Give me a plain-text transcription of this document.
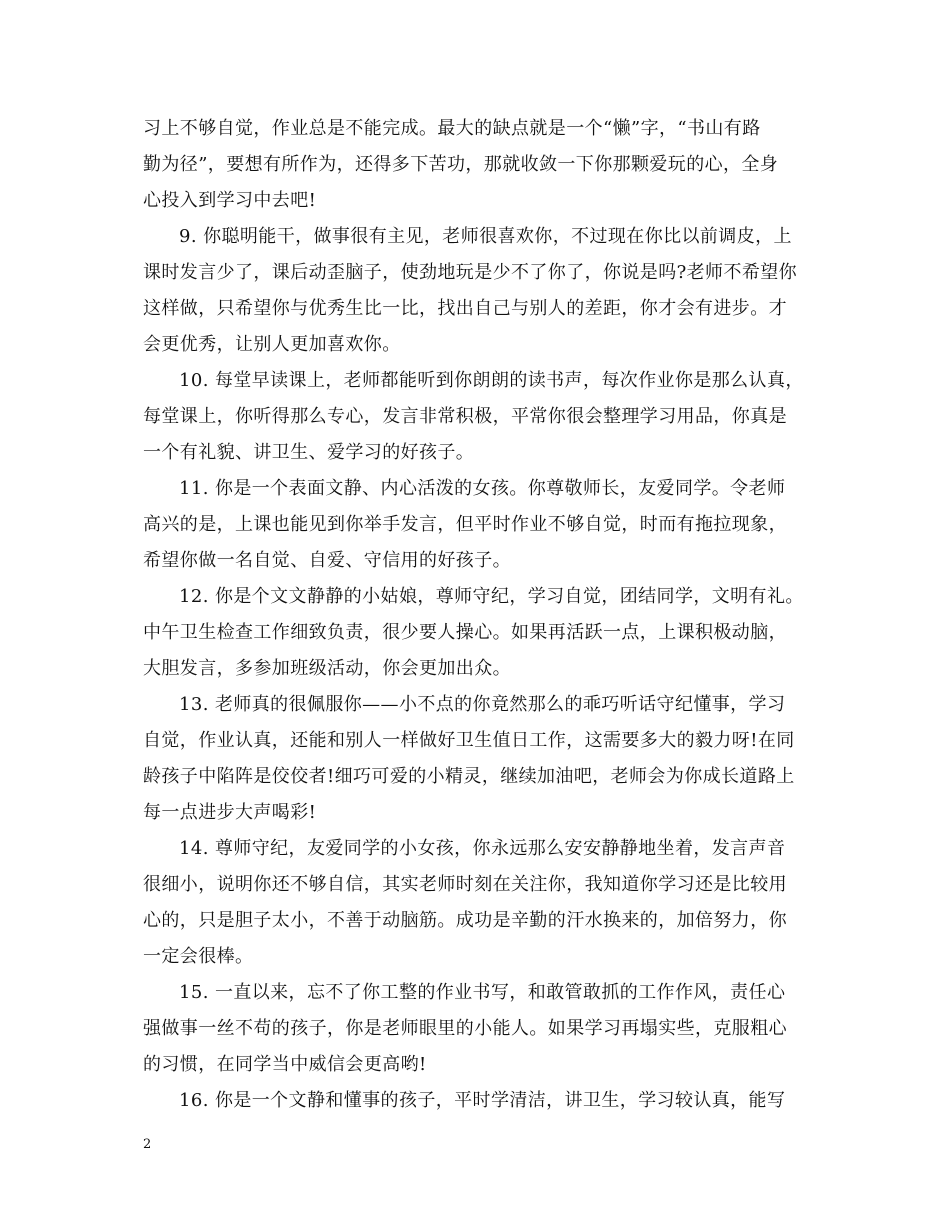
习上不够自觉，作业总是不能完成。最大的缺点就是一个“懒”字，“书山有路
勤为径”，要想有所作为，还得多下苦功，那就收敛一下你那颗爱玩的心，全身
心投入到学习中去吧!
9. 你聪明能干，做事很有主见，老师很喜欢你，不过现在你比以前调皮，上
课时发言少了，课后动歪脑子，使劲地玩是少不了你了，你说是吗?老师不希望你
这样做，只希望你与优秀生比一比，找出自己与别人的差距，你才会有进步。才
会更优秀，让别人更加喜欢你。
10. 每堂早读课上，老师都能听到你朗朗的读书声，每次作业你是那么认真，
每堂课上，你听得那么专心，发言非常积极，平常你很会整理学习用品，你真是
一个有礼貌、讲卫生、爱学习的好孩子。
11. 你是一个表面文静、内心活泼的女孩。你尊敬师长，友爱同学。令老师
高兴的是，上课也能见到你举手发言，但平时作业不够自觉，时而有拖拉现象，
希望你做一名自觉、自爱、守信用的好孩子。
12. 你是个文文静静的小姑娘，尊师守纪，学习自觉，团结同学，文明有礼。
中午卫生检查工作细致负责，很少要人操心。如果再活跃一点，上课积极动脑，
大胆发言，多参加班级活动，你会更加出众。
13. 老师真的很佩服你——小不点的你竟然那么的乖巧听话守纪懂事，学习
自觉，作业认真，还能和别人一样做好卫生值日工作，这需要多大的毅力呀!在同
龄孩子中陷阵是佼佼者!细巧可爱的小精灵，继续加油吧，老师会为你成长道路上
每一点进步大声喝彩!
14. 尊师守纪，友爱同学的小女孩，你永远那么安安静静地坐着，发言声音
很细小，说明你还不够自信，其实老师时刻在关注你，我知道你学习还是比较用
心的，只是胆子太小，不善于动脑筋。成功是辛勤的汗水换来的，加倍努力，你
一定会很棒。
15. 一直以来，忘不了你工整的作业书写，和敢管敢抓的工作作风，责任心
强做事一丝不苟的孩子，你是老师眼里的小能人。如果学习再塌实些，克服粗心
的习惯，在同学当中威信会更高哟!
16. 你是一个文静和懂事的孩子，平时学清洁，讲卫生，学习较认真，能写
2
